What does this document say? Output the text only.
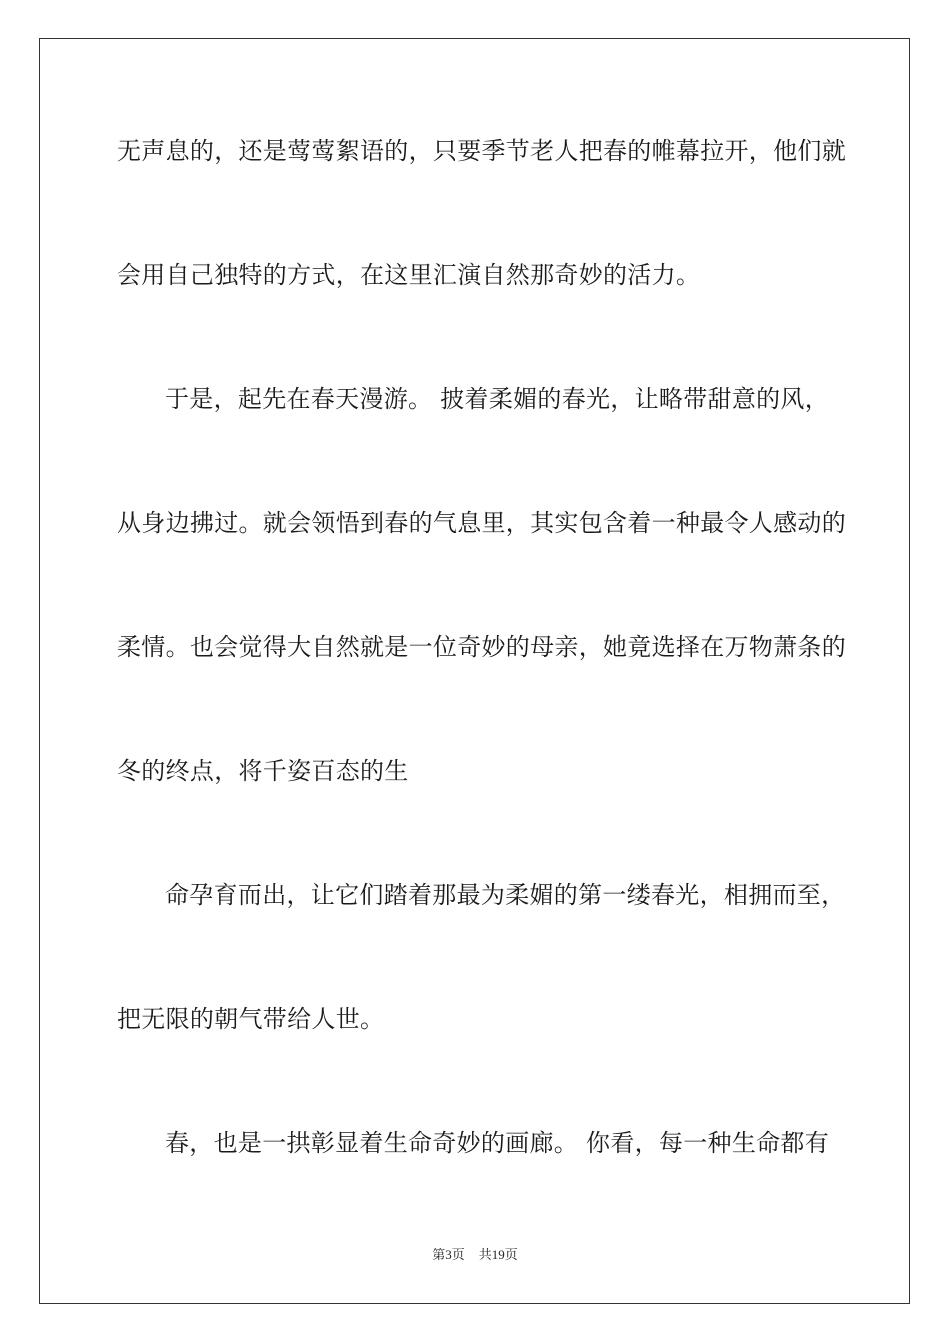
无声息的，还是莺莺絮语的，只要季节老人把春的帷幕拉开，他们就
会用自己独特的方式，在这里汇演自然那奇妙的活力。
于是，起先在春天漫游。 披着柔媚的春光，让略带甜意的风，
从身边拂过。就会领悟到春的气息里，其实包含着一种最令人感动的
柔情。也会觉得大自然就是一位奇妙的母亲，她竟选择在万物萧条的
冬的终点，将千姿百态的生
命孕育而出，让它们踏着那最为柔媚的第一缕春光，相拥而至，
把无限的朝气带给人世。
春，也是一拱彰显着生命奇妙的画廊。 你看，每一种生命都有
第3页 共19页
